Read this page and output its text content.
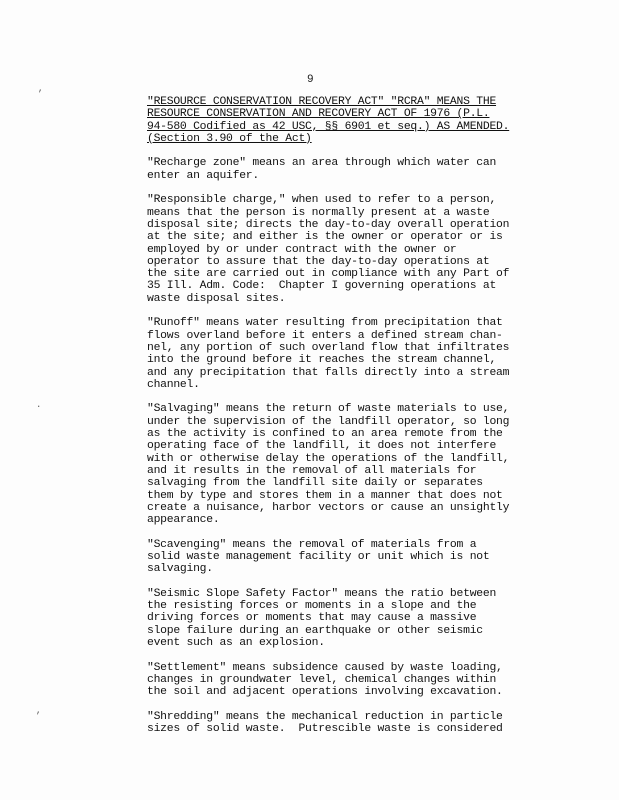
,
.
,
9
"RESOURCE CONSERVATION RECOVERY ACT" "RCRA" MEANS THE
RESOURCE CONSERVATION AND RECOVERY ACT OF 1976 (P.L.
94-580 Codified as 42 USC, §§ 6901 et seq.) AS AMENDED.
(Section 3.90 of the Act)
"Recharge zone" means an area through which water can
enter an aquifer.
"Responsible charge," when used to refer to a person,
means that the person is normally present at a waste
disposal site; directs the day-to-day overall operation
at the site; and either is the owner or operator or is
employed by or under contract with the owner or
operator to assure that the day-to-day operations at
the site are carried out in compliance with any Part of
35 Ill. Adm. Code:  Chapter I governing operations at
waste disposal sites.
"Runoff" means water resulting from precipitation that
flows overland before it enters a defined stream chan-
nel, any portion of such overland flow that infiltrates
into the ground before it reaches the stream channel,
and any precipitation that falls directly into a stream
channel.
"Salvaging" means the return of waste materials to use,
under the supervision of the landfill operator, so long
as the activity is confined to an area remote from the
operating face of the landfill, it does not interfere
with or otherwise delay the operations of the landfill,
and it results in the removal of all materials for
salvaging from the landfill site daily or separates
them by type and stores them in a manner that does not
create a nuisance, harbor vectors or cause an unsightly
appearance.
"Scavenging" means the removal of materials from a
solid waste management facility or unit which is not
salvaging.
"Seismic Slope Safety Factor" means the ratio between
the resisting forces or moments in a slope and the
driving forces or moments that may cause a massive
slope failure during an earthquake or other seismic
event such as an explosion.
"Settlement" means subsidence caused by waste loading,
changes in groundwater level, chemical changes within
the soil and adjacent operations involving excavation.
"Shredding" means the mechanical reduction in particle
sizes of solid waste.  Putrescible waste is considered
